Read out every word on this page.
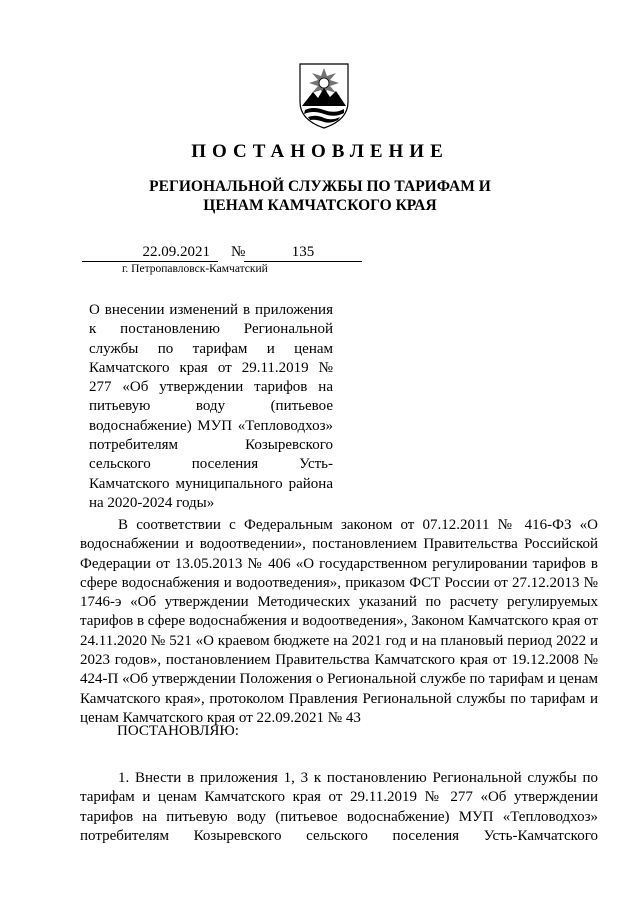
ПОСТАНОВЛЕНИЕ
РЕГИОНАЛЬНОЙ СЛУЖБЫ ПО ТАРИФАМ И ЦЕНАМ КАМЧАТСКОГО КРАЯ
22.09.2021	№	135
г. Петропавловск-Камчатский
О внесении изменений в приложения к постановлению Региональной службы по тарифам и ценам Камчатского края от 29.11.2019 № 277 «Об утверждении тарифов на питьевую воду (питьевое водоснабжение) МУП «Тепловодхоз» потребителям Козыревского сельского поселения Усть-Камчатского муниципального района на 2020-2024 годы»
В соответствии с Федеральным законом от 07.12.2011 № 416-ФЗ «О водоснабжении и водоотведении», постановлением Правительства Российской Федерации от 13.05.2013 № 406 «О государственном регулировании тарифов в сфере водоснабжения и водоотведения», приказом ФСТ России от 27.12.2013 № 1746-э «Об утверждении Методических указаний по расчету регулируемых тарифов в сфере водоснабжения и водоотведения», Законом Камчатского края от 24.11.2020 № 521 «О краевом бюджете на 2021 год и на плановый период 2022 и 2023 годов», постановлением Правительства Камчатского края от 19.12.2008 № 424-П «Об утверждении Положения о Региональной службе по тарифам и ценам Камчатского края», протоколом Правления Региональной службы по тарифам и ценам Камчатского края от 22.09.2021 № 43
ПОСТАНОВЛЯЮ:
1. Внести в приложения 1, 3 к постановлению Региональной службы по тарифам и ценам Камчатского края от 29.11.2019 № 277 «Об утверждении тарифов на питьевую воду (питьевое водоснабжение) МУП «Тепловодхоз» потребителям Козыревского сельского поселения Усть-Камчатского
